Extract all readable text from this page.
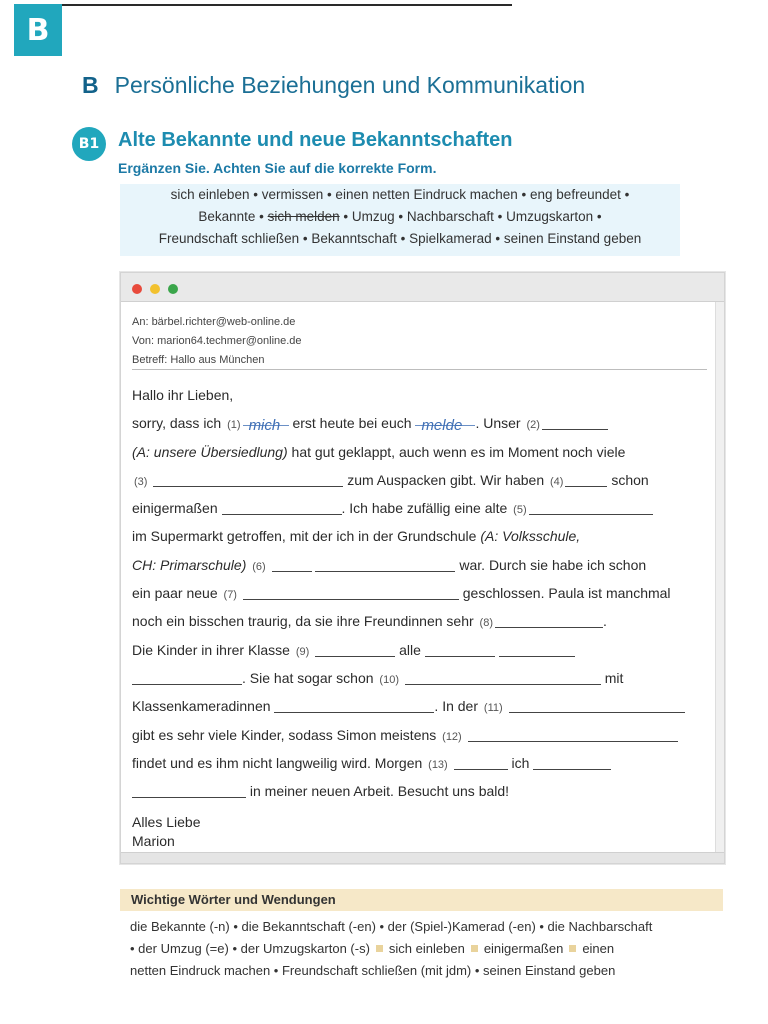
B
B Persönliche Beziehungen und Kommunikation
B1 Alte Bekannte und neue Bekanntschaften
Ergänzen Sie. Achten Sie auf die korrekte Form.
sich einleben • vermissen • einen netten Eindruck machen • eng befreundet •
Bekannte • sich melden • Umzug • Nachbarschaft • Umzugskarton •
Freundschaft schließen • Bekanntschaft • Spielkamerad • seinen Einstand geben
An: bärbel.richter@web-online.de
Von: marion64.techmer@online.de
Betreff: Hallo aus München
Hallo ihr Lieben,
sorry, dass ich (1) mich erst heute bei euch melde . Unser (2)
(A: unsere Übersiedlung) hat gut geklappt, auch wenn es im Moment noch viele
(3)	zum Auspacken gibt. Wir haben (4)	schon
einigermaßen	. Ich habe zufällig eine alte (5)
im Supermarkt getroffen, mit der ich in der Grundschule (A: Volksschule,
CH: Primarschule) (6)	war. Durch sie habe ich schon
ein paar neue (7)	geschlossen. Paula ist manchmal
noch ein bisschen traurig, da sie ihre Freundinnen sehr (8)	.
Die Kinder in ihrer Klasse (9)	alle
. Sie hat sogar schon (10)	mit
Klassenkameradinnen	. In der (11)
gibt es sehr viele Kinder, sodass Simon meistens (12)
findet und es ihm nicht langweilig wird. Morgen (13)	ich
in meiner neuen Arbeit. Besucht uns bald!
Alles Liebe
Marion
Wichtige Wörter und Wendungen
die Bekannte (-n) • die Bekanntschaft (-en) • der (Spiel-)Kamerad (-en) • die Nachbarschaft
• der Umzug (=e) • der Umzugskarton (-s) sich einleben einigermaßen einen
netten Eindruck machen • Freundschaft schließen (mit jdm) • seinen Einstand geben
